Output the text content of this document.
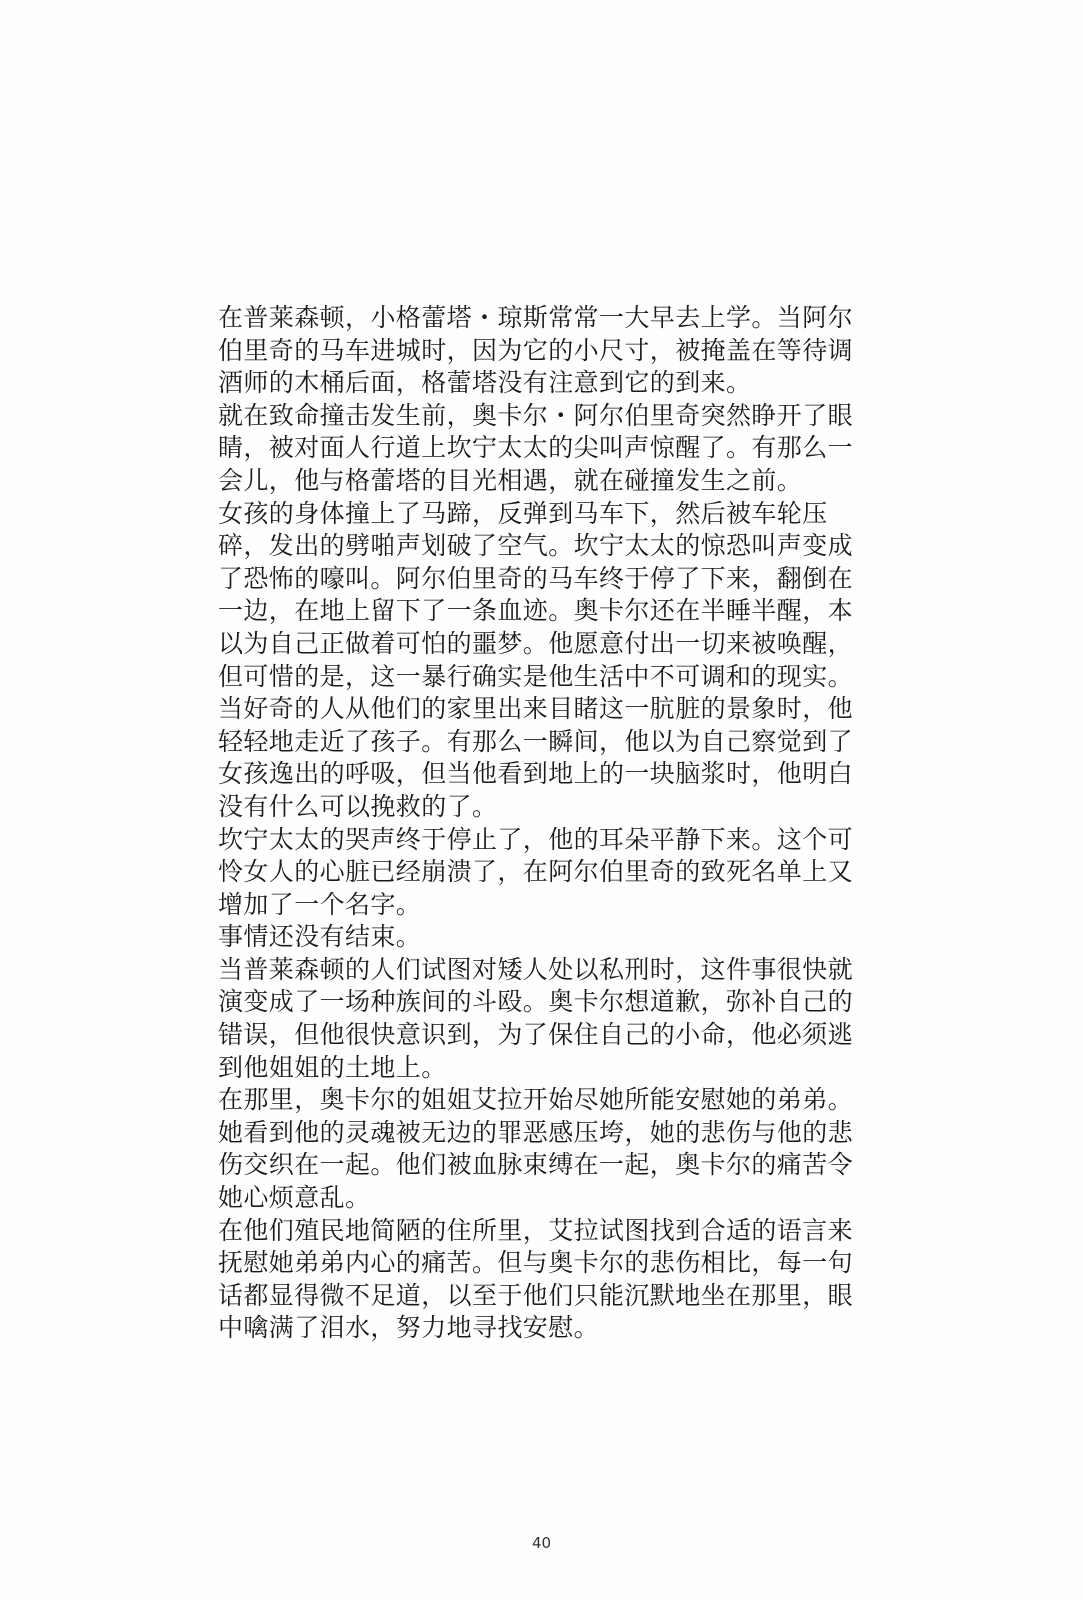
在普莱森顿，小格蕾塔・琼斯常常一大早去上学。当阿尔
伯里奇的马车进城时，因为它的小尺寸，被掩盖在等待调
酒师的木桶后面，格蕾塔没有注意到它的到来。
就在致命撞击发生前，奥卡尔・阿尔伯里奇突然睁开了眼
睛，被对面人行道上坎宁太太的尖叫声惊醒了。有那么一
会儿，他与格蕾塔的目光相遇，就在碰撞发生之前。
女孩的身体撞上了马蹄，反弹到马车下，然后被车轮压
碎，发出的劈啪声划破了空气。坎宁太太的惊恐叫声变成
了恐怖的嚎叫。阿尔伯里奇的马车终于停了下来，翻倒在
一边，在地上留下了一条血迹。奥卡尔还在半睡半醒，本
以为自己正做着可怕的噩梦。他愿意付出一切来被唤醒，
但可惜的是，这一暴行确实是他生活中不可调和的现实。
当好奇的人从他们的家里出来目睹这一肮脏的景象时，他
轻轻地走近了孩子。有那么一瞬间，他以为自己察觉到了
女孩逸出的呼吸，但当他看到地上的一块脑浆时，他明白
没有什么可以挽救的了。
坎宁太太的哭声终于停止了，他的耳朵平静下来。这个可
怜女人的心脏已经崩溃了，在阿尔伯里奇的致死名单上又
增加了一个名字。
事情还没有结束。
当普莱森顿的人们试图对矮人处以私刑时，这件事很快就
演变成了一场种族间的斗殴。奥卡尔想道歉，弥补自己的
错误，但他很快意识到，为了保住自己的小命，他必须逃
到他姐姐的土地上。
在那里，奥卡尔的姐姐艾拉开始尽她所能安慰她的弟弟。
她看到他的灵魂被无边的罪恶感压垮，她的悲伤与他的悲
伤交织在一起。他们被血脉束缚在一起，奥卡尔的痛苦令
她心烦意乱。
在他们殖民地简陋的住所里，艾拉试图找到合适的语言来
抚慰她弟弟内心的痛苦。但与奥卡尔的悲伤相比，每一句
话都显得微不足道，以至于他们只能沉默地坐在那里，眼
中噙满了泪水，努力地寻找安慰。
40
